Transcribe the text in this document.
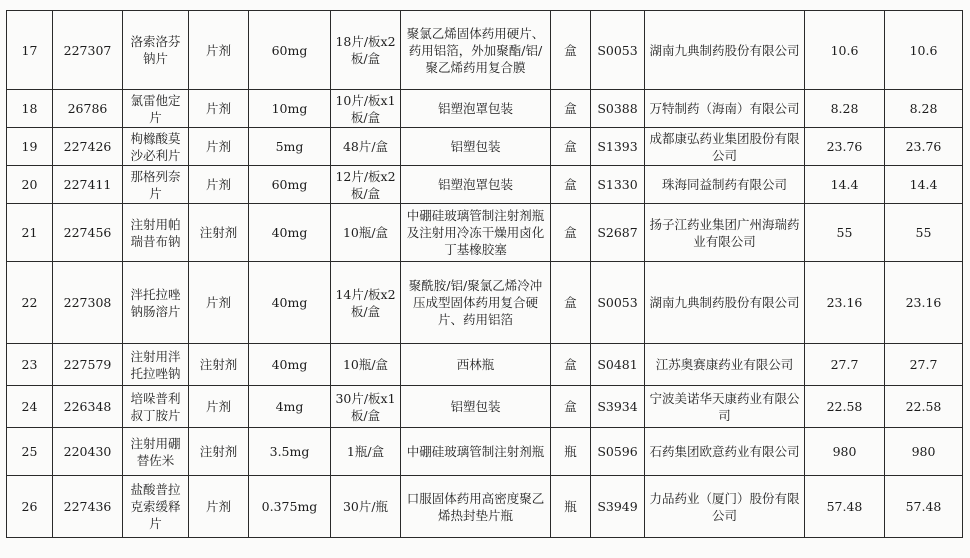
17	227307	洛索洛芬钠片	片剂	60mg	18片/板x2板/盒	聚氯乙烯固体药用硬片、药用铝箔，外加聚酯/铝/聚乙烯药用复合膜	盒	S0053	湖南九典制药股份有限公司	10.6	10.6
18	26786	氯雷他定片	片剂	10mg	10片/板x1板/盒	铝塑泡罩包装	盒	S0388	万特制药（海南）有限公司	8.28	8.28
19	227426	枸橼酸莫沙必利片	片剂	5mg	48片/盒	铝塑包装	盒	S1393	成都康弘药业集团股份有限公司	23.76	23.76
20	227411	那格列奈片	片剂	60mg	12片/板x2板/盒	铝塑泡罩包装	盒	S1330	珠海同益制药有限公司	14.4	14.4
21	227456	注射用帕瑞昔布钠	注射剂	40mg	10瓶/盒	中硼硅玻璃管制注射剂瓶及注射用冷冻干燥用卤化丁基橡胶塞	盒	S2687	扬子江药业集团广州海瑞药业有限公司	55	55
22	227308	泮托拉唑钠肠溶片	片剂	40mg	14片/板x2板/盒	聚酰胺/铝/聚氯乙烯冷冲压成型固体药用复合硬片、药用铝箔	盒	S0053	湖南九典制药股份有限公司	23.16	23.16
23	227579	注射用泮托拉唑钠	注射剂	40mg	10瓶/盒	西林瓶	盒	S0481	江苏奥赛康药业有限公司	27.7	27.7
24	226348	培哚普利叔丁胺片	片剂	4mg	30片/板x1板/盒	铝塑包装	盒	S3934	宁波美诺华天康药业有限公司	22.58	22.58
25	220430	注射用硼替佐米	注射剂	3.5mg	1瓶/盒	中硼硅玻璃管制注射剂瓶	瓶	S0596	石药集团欧意药业有限公司	980	980
26	227436	盐酸普拉克索缓释片	片剂	0.375mg	30片/瓶	口服固体药用高密度聚乙烯热封垫片瓶	瓶	S3949	力品药业（厦门）股份有限公司	57.48	57.48
